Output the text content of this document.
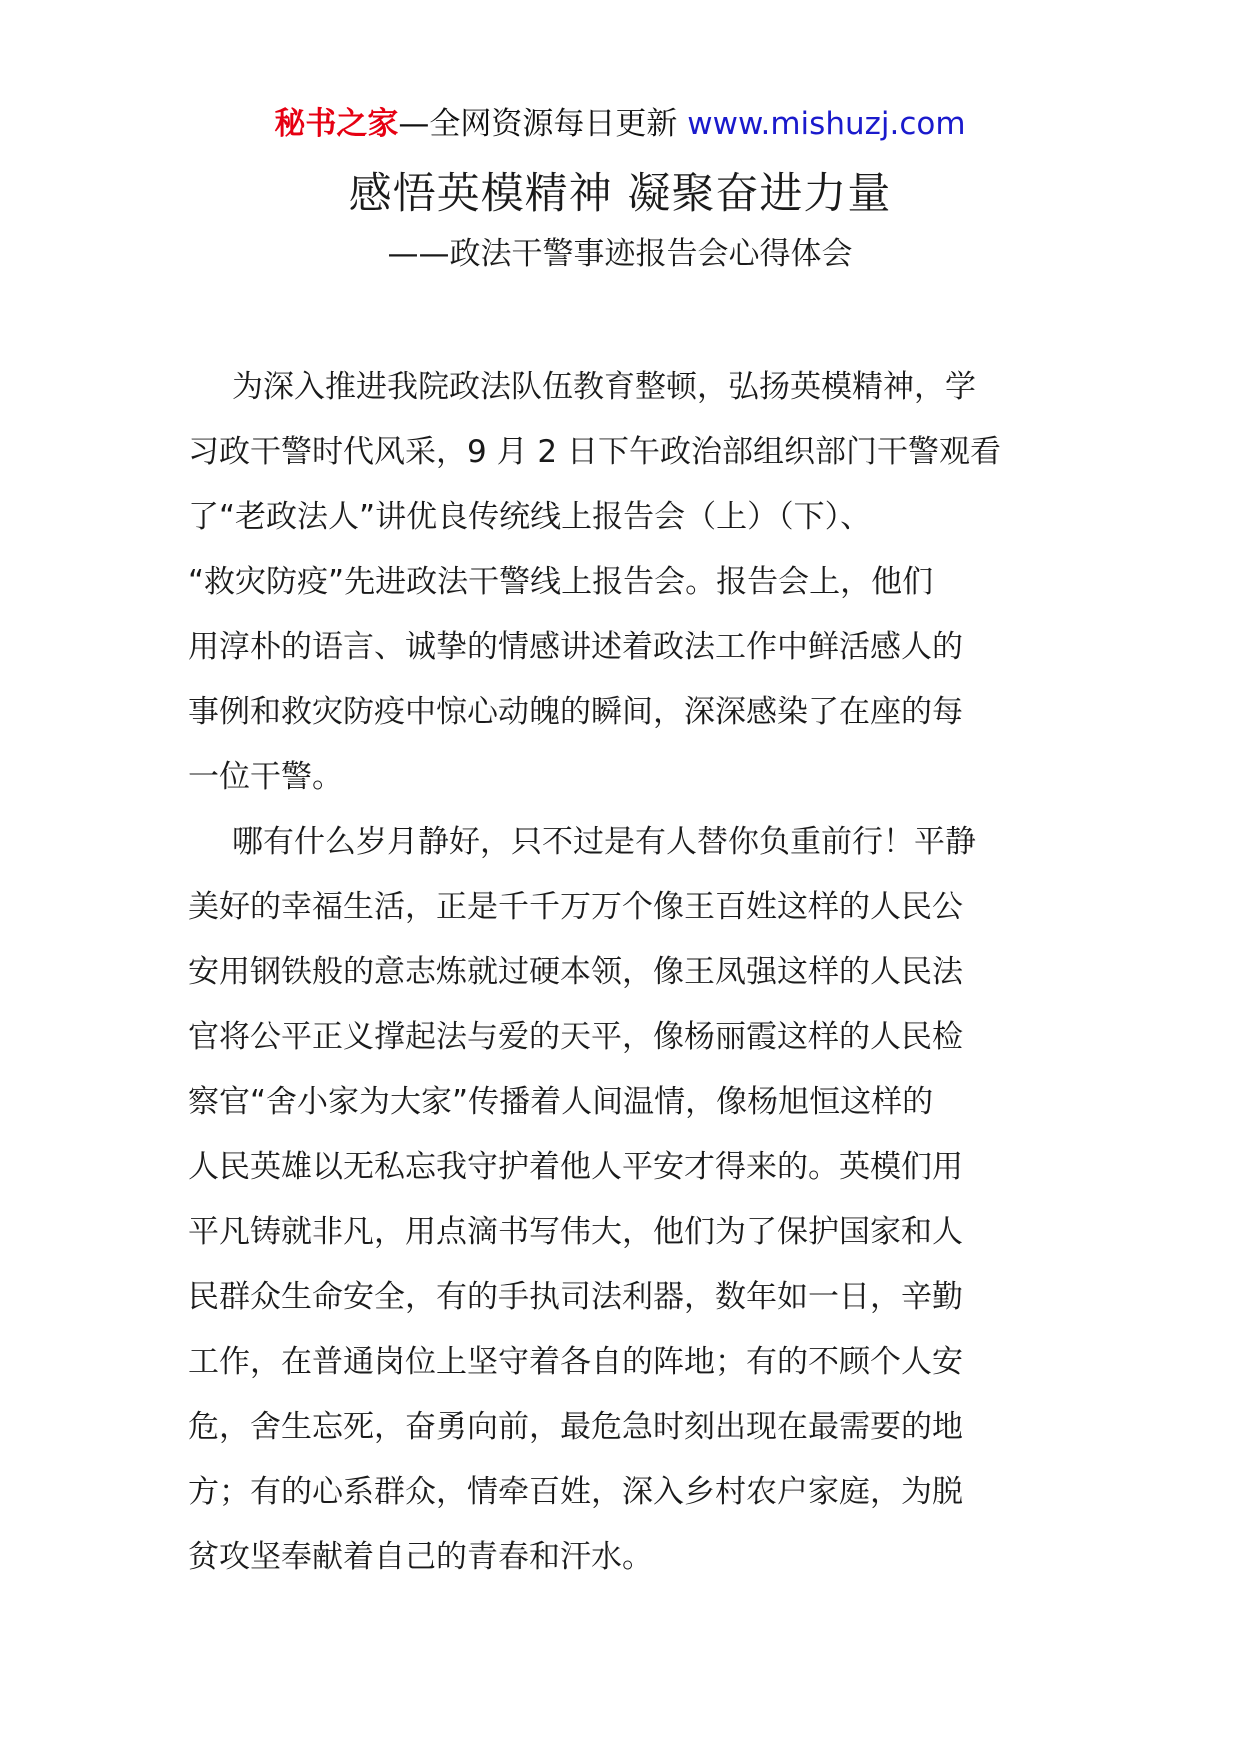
秘书之家—全网资源每日更新 www.mishuzj.com
感悟英模精神 凝聚奋进力量
——政法干警事迹报告会心得体会

为深入推进我院政法队伍教育整顿，弘扬英模精神，学
习政干警时代风采，9 月 2 日下午政治部组织部门干警观看
了“老政法人”讲优良传统线上报告会（上）（下）、
“救灾防疫”先进政法干警线上报告会。报告会上，他们
用淳朴的语言、诚挚的情感讲述着政法工作中鲜活感人的
事例和救灾防疫中惊心动魄的瞬间，深深感染了在座的每
一位干警。

哪有什么岁月静好，只不过是有人替你负重前行！平静
美好的幸福生活，正是千千万万个像王百姓这样的人民公
安用钢铁般的意志炼就过硬本领，像王凤强这样的人民法
官将公平正义撑起法与爱的天平，像杨丽霞这样的人民检
察官“舍小家为大家”传播着人间温情，像杨旭恒这样的
人民英雄以无私忘我守护着他人平安才得来的。英模们用
平凡铸就非凡，用点滴书写伟大，他们为了保护国家和人
民群众生命安全，有的手执司法利器，数年如一日，辛勤
工作，在普通岗位上坚守着各自的阵地；有的不顾个人安
危，舍生忘死，奋勇向前，最危急时刻出现在最需要的地
方；有的心系群众，情牵百姓，深入乡村农户家庭，为脱
贫攻坚奉献着自己的青春和汗水。
